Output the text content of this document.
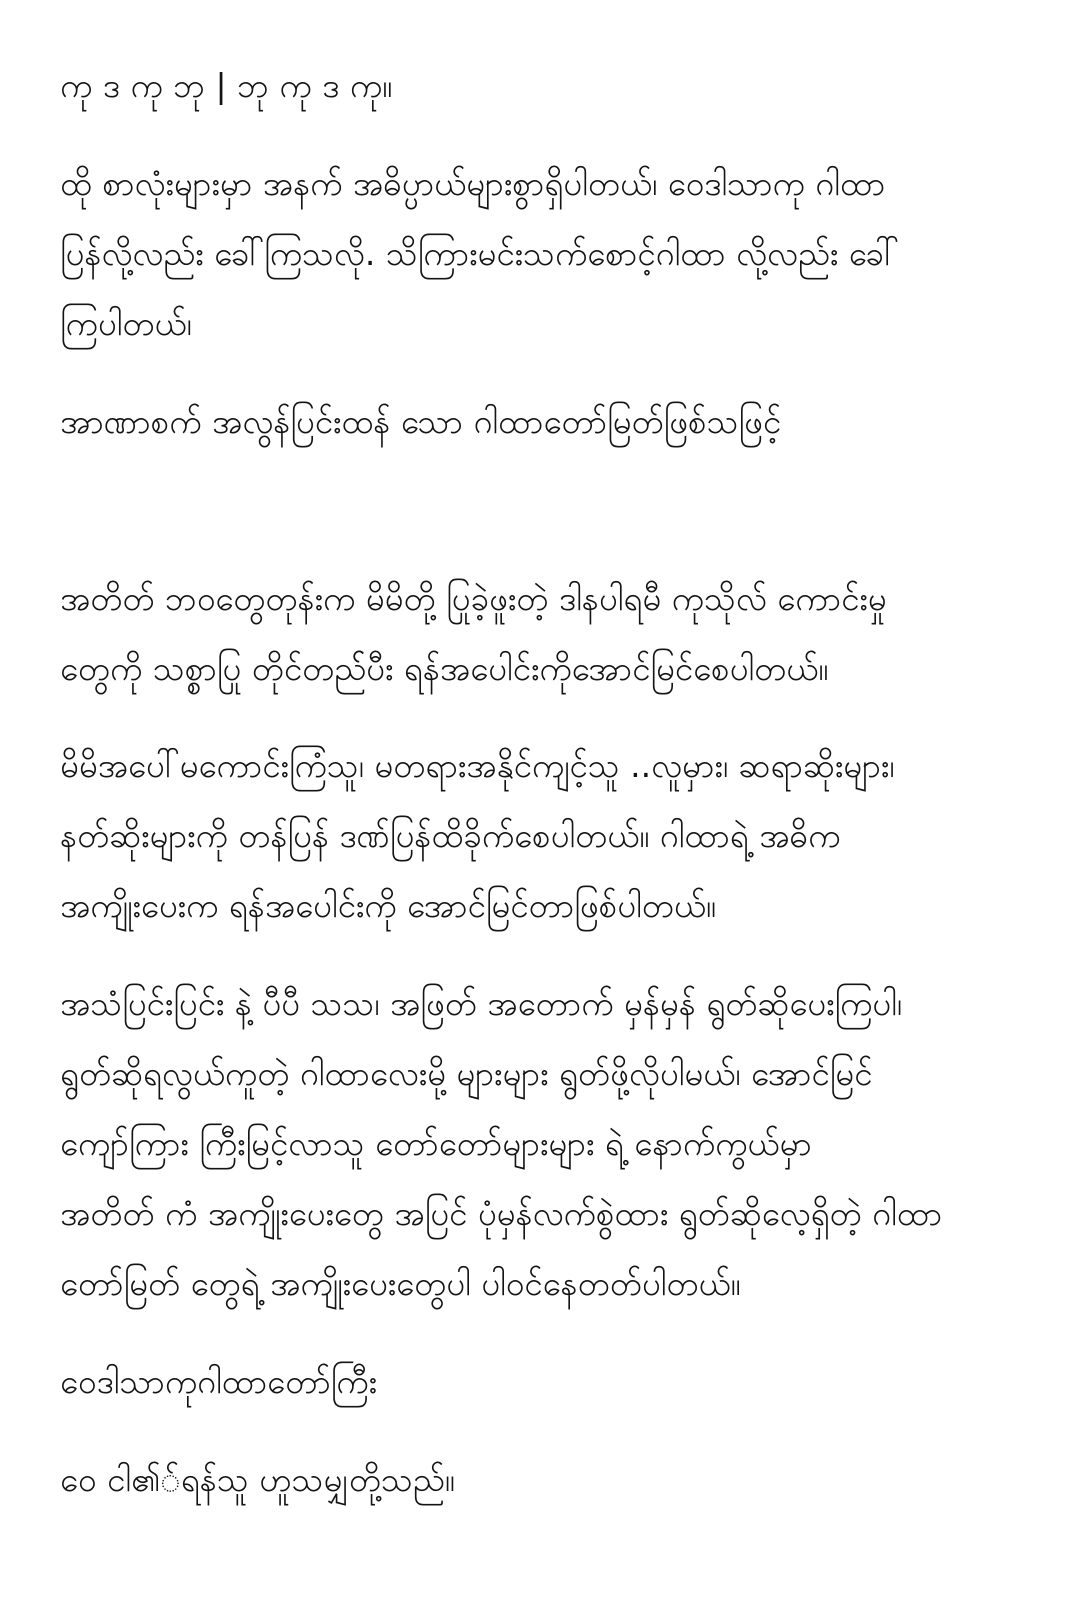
ကု ဒ ကု ဘု | ဘု ကု ဒ ကု။
ထို စာလုံးများမှာ အနက် အဓိပ္ပာယ်များစွာရှိပါတယ်၊ ဝေဒါသာကု ဂါထာ
ပြန်လို့လည်း ခေါ်ကြသလို. သိကြားမင်းသက်စောင့်ဂါထာ လို့လည်း ခေါ်
ကြပါတယ်၊
အာဏာစက် အလွန်ပြင်းထန် သော ဂါထာတော်မြတ်ဖြစ်သဖြင့်
အတိတ် ဘဝတွေတုန်းက မိမိတို့ ပြုခဲ့ဖူးတဲ့ ဒါနပါရမီ ကုသိုလ် ကောင်းမှု
တွေကို သစ္စာပြု တိုင်တည််ပီး ရန်အပေါင်းကိုအောင်မြင်စေပါတယ်။
မိမိအပေါ်မကောင်းကြံသူ၊ မတရားအနိုင်ကျင့်သူ ..လူမှား၊ ဆရာဆိုးများ၊
နတ်ဆိုးများကို တန်ပြန် ဒဏ်ပြန်ထိခိုက်စေပါတယ်။ ဂါထာရဲ့ အဓိက
အကျိုးပေးက ရန်အပေါင်းကို အောင်မြင်တာဖြစ်ပါတယ်။
အသံပြင်းပြင်း နဲ့ ပီပီ သသ၊ အဖြတ် အတောက် မှန်မှန် ရွတ်ဆိုပေးကြပါ၊
ရွတ်ဆိုရလွယ်ကူတဲ့ ဂါထာလေးမို့ များများ ရွတ်ဖို့လိုပါမယ်၊ အောင်မြင်
ကျော်ကြား ကြီးမြင့်လာသူ တော်တော်များများ ရဲ့ နောက်ကွယ်မှာ
အတိတ် ကံ အကျိုးပေးတွေ အပြင် ပုံမှန်လက်စွဲထား ရွတ်ဆိုလေ့ရှိတဲ့ ဂါထာ
တော်မြတ် တွေရဲ့ အကျိုးပေးတွေပါ ပါဝင်နေတတ်ပါတယ်။
ဝေဒါသာကုဂါထာတော်ကြီး
ဝေ ငါ၏်ရန်သူ ဟူသမျှတို့သည်။
